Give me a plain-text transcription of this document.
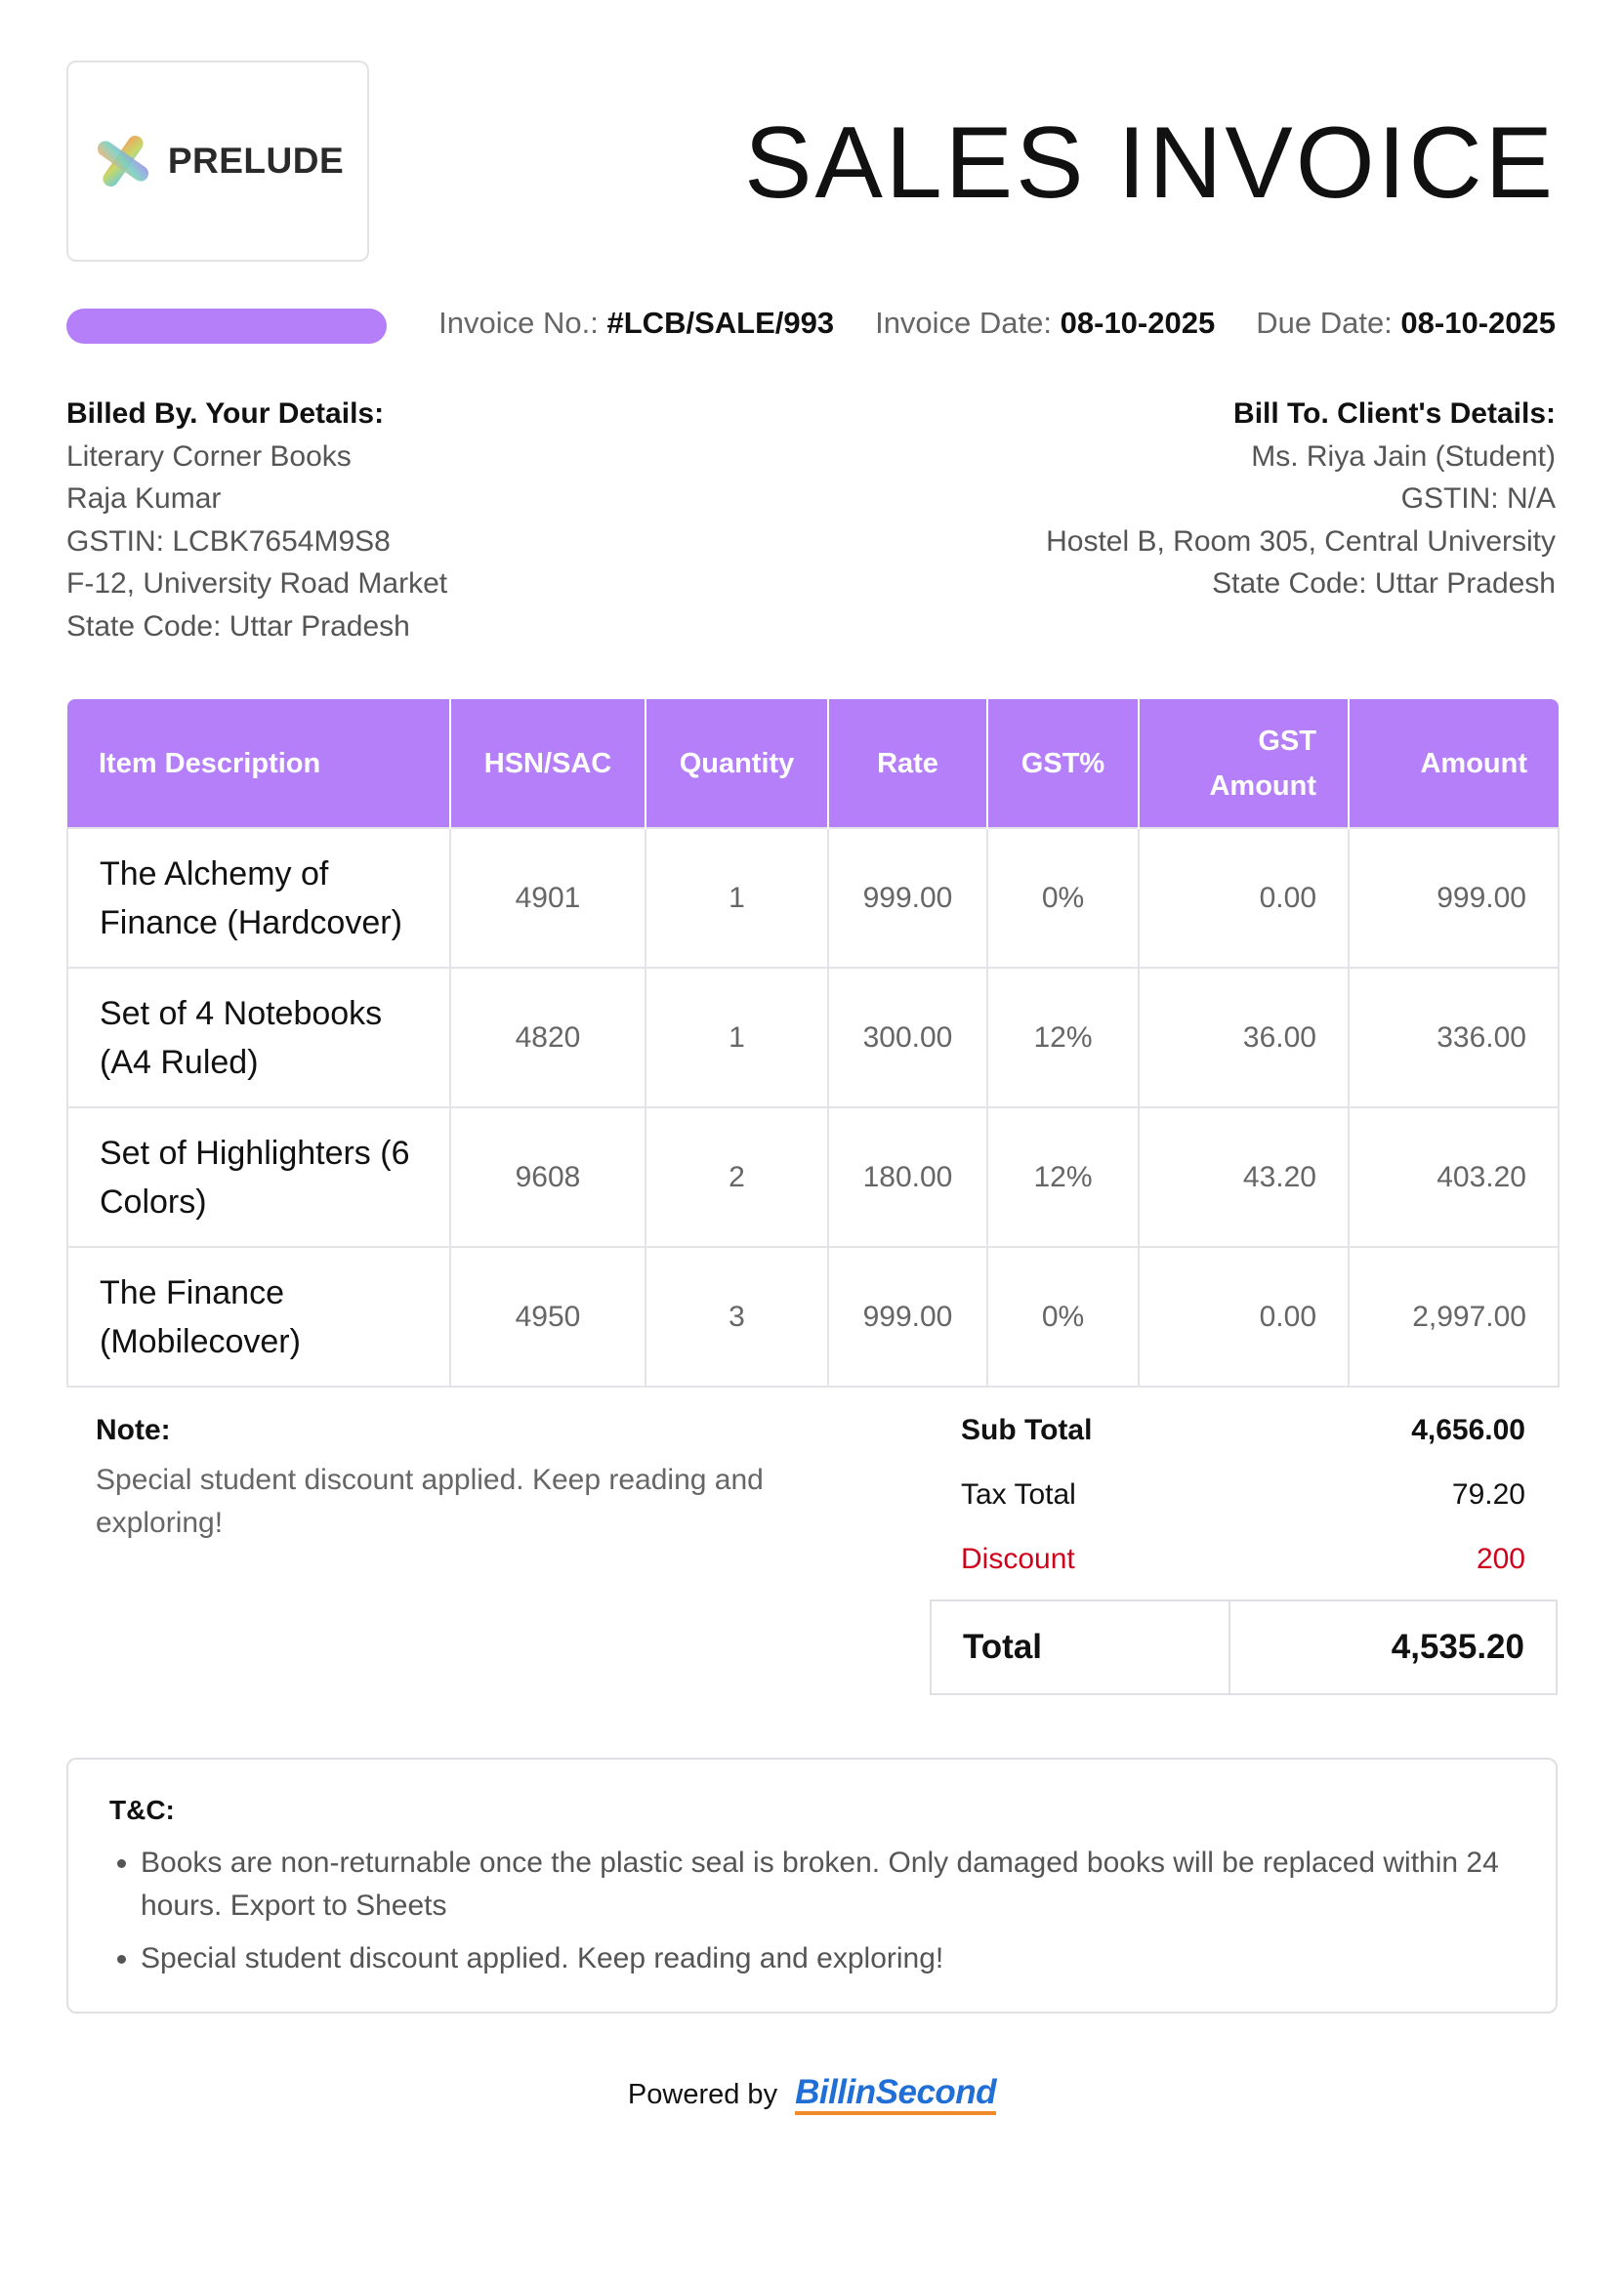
PRELUDE	SALES INVOICE
Invoice No.: #LCB/SALE/993 Invoice Date: 08-10-2025 Due Date: 08-10-2025
Billed By. Your Details:
Literary Corner Books
Raja Kumar
GSTIN: LCBK7654M9S8
F-12, University Road Market
State Code: Uttar Pradesh
Bill To. Client's Details:
Ms. Riya Jain (Student)
GSTIN: N/A
Hostel B, Room 305, Central University
State Code: Uttar Pradesh
Item Description	HSN/SAC	Quantity	Rate	GST%	GST Amount	Amount
The Alchemy of Finance (Hardcover)	4901	1	999.00	0%	0.00	999.00
Set of 4 Notebooks (A4 Ruled)	4820	1	300.00	12%	36.00	336.00
Set of Highlighters (6 Colors)	9608	2	180.00	12%	43.20	403.20
The Finance (Mobilecover)	4950	3	999.00	0%	0.00	2,997.00
Note:
Special student discount applied. Keep reading and exploring!
Sub Total	4,656.00
Tax Total	79.20
Discount	200
Total	4,535.20
T&C:
• Books are non-returnable once the plastic seal is broken. Only damaged books will be replaced within 24 hours. Export to Sheets
• Special student discount applied. Keep reading and exploring!
Powered by BillinSecond
